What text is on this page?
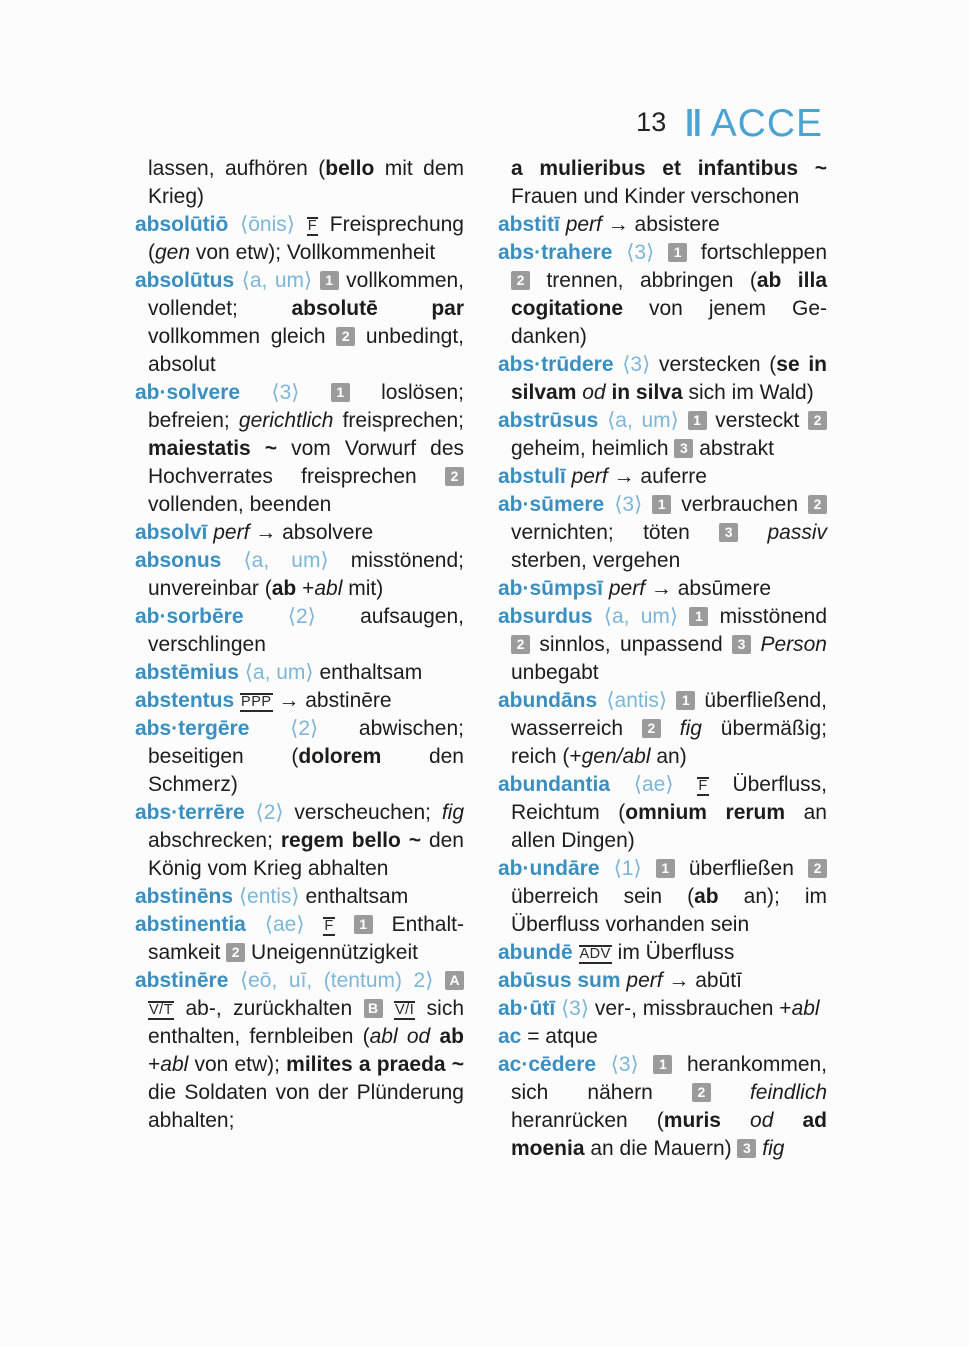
13 ‖ ACCE

lassen, aufhören (bello mit dem Krieg)

absolūtiō ⟨ōnis⟩ F Freisprechung (gen von etw); Vollkommenheit

absolūtus ⟨a, um⟩ 1 vollkommen, vollendet; absolutē par vollkommen gleich 2 unbedingt, absolut

ab·solvere ⟨3⟩ 1 loslösen; befreien; gerichtlich freisprechen; maiestatis ~ vom Vorwurf des Hochverrates freisprechen 2 vollenden, beenden

absolvī perf → absolvere

absonus ⟨a, um⟩ misstönend; unvereinbar (ab +abl mit)

ab·sorbēre ⟨2⟩ aufsaugen, verschlingen

abstēmius ⟨a, um⟩ enthaltsam

abstentus PPP → abstinēre

abs·tergēre ⟨2⟩ abwischen; beseitigen (dolorem den Schmerz)

abs·terrēre ⟨2⟩ verscheuchen; fig abschrecken; regem bello ~ den König vom Krieg abhalten

abstinēns ⟨entis⟩ enthaltsam

abstinentia ⟨ae⟩ F 1 Enthaltsamkeit 2 Uneigennützigkeit

abstinēre ⟨eō, uī, (tentum) 2⟩ A V/T ab-, zurückhalten B V/I sich enthalten, fernbleiben (abl od ab +abl von etw); milites a praeda ~ die Soldaten von der Plünderung abhalten;

a mulieribus et infantibus ~ Frauen und Kinder verschonen

abstitī perf → absistere

abs·trahere ⟨3⟩ 1 fortschleppen 2 trennen, abbringen (ab illa cogitatione von jenem Gedanken)

abs·trūdere ⟨3⟩ verstecken (se in silvam od in silva sich im Wald)

abstrūsus ⟨a, um⟩ 1 versteckt 2 geheim, heimlich 3 abstrakt

abstulī perf → auferre

ab·sūmere ⟨3⟩ 1 verbrauchen 2 vernichten; töten 3 passiv sterben, vergehen

ab·sūmpsī perf → absūmere

absurdus ⟨a, um⟩ 1 misstönend 2 sinnlos, unpassend 3 Person unbegabt

abundāns ⟨antis⟩ 1 überfließend, wasserreich 2 fig übermäßig; reich (+gen/abl an)

abundantia ⟨ae⟩ F Überfluss, Reichtum (omnium rerum an allen Dingen)

ab·undāre ⟨1⟩ 1 überfließen 2 überreich sein (ab an); im Überfluss vorhanden sein

abundē ADV im Überfluss

abūsus sum perf → abūtī

ab·ūtī ⟨3⟩ ver-, missbrauchen +abl

ac = atque

ac·cēdere ⟨3⟩ 1 herankommen, sich nähern 2 feindlich heranrücken (muris od ad moenia an die Mauern) 3 fig
